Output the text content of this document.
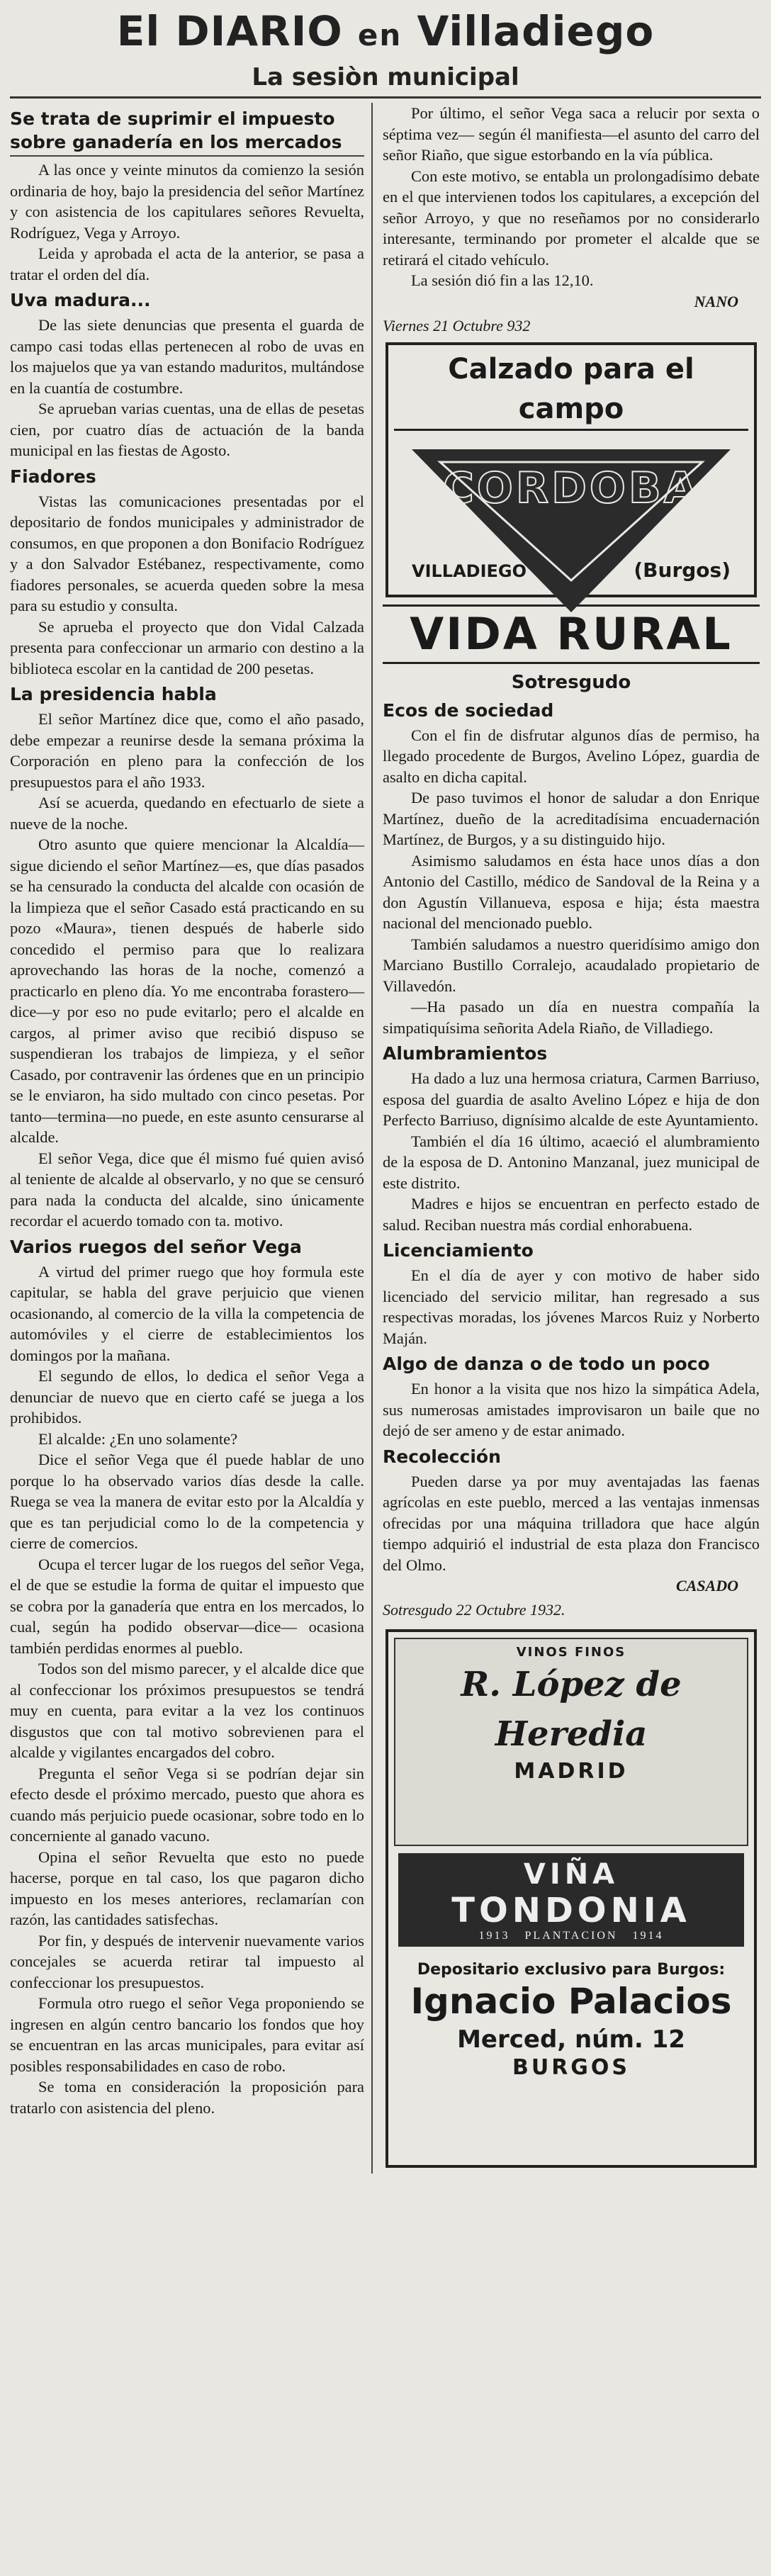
El DIARIO en Villadiego
La sesiòn municipal
Se trata de suprimir el impuesto sobre ganadería en los mercados

A las once y veinte minutos da comienzo la sesión ordinaria de hoy, bajo la presidencia del señor Martínez y con asistencia de los capitulares señores Revuelta, Rodríguez, Vega y Arroyo.

Leida y aprobada el acta de la anterior, se pasa a tratar el orden del día.

Uva madura...

De las siete denuncias que presenta el guarda de campo casi todas ellas pertenecen al robo de uvas en los majuelos que ya van estando maduritos, multándose en la cuantía de costumbre.

Se aprueban varias cuentas, una de ellas de pesetas cien, por cuatro días de actuación de la banda municipal en las fiestas de Agosto.

Fiadores

Vistas las comunicaciones presentadas por el depositario de fondos municipales y administrador de consumos, en que proponen a don Bonifacio Rodríguez y a don Salvador Estébanez, respectivamente, como fiadores personales, se acuerda queden sobre la mesa para su estudio y consulta.

Se aprueba el proyecto que don Vidal Calzada presenta para confeccionar un armario con destino a la biblioteca escolar en la cantidad de 200 pesetas.

La presidencia habla

El señor Martínez dice que, como el año pasado, debe empezar a reunirse desde la semana próxima la Corporación en pleno para la confección de los presupuestos para el año 1933.

Así se acuerda, quedando en efectuarlo de siete a nueve de la noche.

Otro asunto que quiere mencionar la Alcaldía—sigue diciendo el señor Martínez—es, que días pasados se ha censurado la conducta del alcalde con ocasión de la limpieza que el señor Casado está practicando en su pozo «Maura», tienen después de haberle sido concedido el permiso para que lo realizara aprovechando las horas de la noche, comenzó a practicarlo en pleno día. Yo me encontraba forastero—dice—y por eso no pude evitarlo; pero el alcalde en cargos, al primer aviso que recibió dispuso se suspendieran los trabajos de limpieza, y el señor Casado, por contravenir las órdenes que en un principio se le enviaron, ha sido multado con cinco pesetas. Por tanto—termina—no puede, en este asunto censurarse al alcalde.

El señor Vega, dice que él mismo fué quien avisó al teniente de alcalde al observarlo, y no que se censuró para nada la conducta del alcalde, sino únicamente recordar el acuerdo tomado con ta. motivo.

Varios ruegos del señor Vega

A virtud del primer ruego que hoy formula este capitular, se habla del grave perjuicio que vienen ocasionando, al comercio de la villa la competencia de automóviles y el cierre de establecimientos los domingos por la mañana.

El segundo de ellos, lo dedica el señor Vega a denunciar de nuevo que en cierto café se juega a los prohibidos.

El alcalde: ¿En uno solamente?

Dice el señor Vega que él puede hablar de uno porque lo ha observado varios días desde la calle. Ruega se vea la manera de evitar esto por la Alcaldía y que es tan perjudicial como lo de la competencia y cierre de comercios.

Ocupa el tercer lugar de los ruegos del señor Vega, el de que se estudie la forma de quitar el impuesto que se cobra por la ganadería que entra en los mercados, lo cual, según ha podido observar—dice— ocasiona también perdidas enormes al pueblo.

Todos son del mismo parecer, y el alcalde dice que al confeccionar los próximos presupuestos se tendrá muy en cuenta, para evitar a la vez los continuos disgustos que con tal motivo sobrevienen para el alcalde y vigilantes encargados del cobro.

Pregunta el señor Vega si se podrían dejar sin efecto desde el próximo mercado, puesto que ahora es cuando más perjuicio puede ocasionar, sobre todo en lo concerniente al ganado vacuno.

Opina el señor Revuelta que esto no puede hacerse, porque en tal caso, los que pagaron dicho impuesto en los meses anteriores, reclamarían con razón, las cantidades satisfechas.

Por fin, y después de intervenir nuevamente varios concejales se acuerda retirar tal impuesto al confeccionar los presupuestos.

Formula otro ruego el señor Vega proponiendo se ingresen en algún centro bancario los fondos que hoy se encuentran en las arcas municipales, para evitar así posibles responsabilidades en caso de robo.

Se toma en consideración la proposición para tratarlo con asistencia del pleno.

Por último, el señor Vega saca a relucir por sexta o séptima vez— según él manifiesta—el asunto del carro del señor Riaño, que sigue estorbando en la vía pública.

Con este motivo, se entabla un prolongadísimo debate en el que intervienen todos los capitulares, a excepción del señor Arroyo, y que no reseñamos por no considerarlo interesante, terminando por prometer el alcalde que se retirará el citado vehículo.

La sesión dió fin a las 12,10.

NANO
Viernes 21 Octubre 932
Calzado para el campo
CORDOBA
VILLADIEGO	(Burgos)
VIDA RURAL
Sotresgudo
Ecos de sociedad

Con el fin de disfrutar algunos días de permiso, ha llegado procedente de Burgos, Avelino López, guardia de asalto en dicha capital.

De paso tuvimos el honor de saludar a don Enrique Martínez, dueño de la acreditadísima encuadernación Martínez, de Burgos, y a su distinguido hijo.

Asimismo saludamos en ésta hace unos días a don Antonio del Castillo, médico de Sandoval de la Reina y a don Agustín Villanueva, esposa e hija; ésta maestra nacional del mencionado pueblo.

También saludamos a nuestro queridísimo amigo don Marciano Bustillo Corralejo, acaudalado propietario de Villavedón.

—Ha pasado un día en nuestra compañía la simpatiquísima señorita Adela Riaño, de Villadiego.

Alumbramientos

Ha dado a luz una hermosa criatura, Carmen Barriuso, esposa del guardia de asalto Avelino López e hija de don Perfecto Barriuso, dignísimo alcalde de este Ayuntamiento.

También el día 16 último, acaeció el alumbramiento de la esposa de D. Antonino Manzanal, juez municipal de este distrito.

Madres e hijos se encuentran en perfecto estado de salud. Reciban nuestra más cordial enhorabuena.

Licenciamiento

En el día de ayer y con motivo de haber sido licenciado del servicio militar, han regresado a sus respectivas moradas, los jóvenes Marcos Ruiz y Norberto Maján.

Algo de danza o de todo un poco

En honor a la visita que nos hizo la simpática Adela, sus numerosas amistades improvisaron un baile que no dejó de ser ameno y de estar animado.

Recolección

Pueden darse ya por muy aventajadas las faenas agrícolas en este pueblo, merced a las ventajas inmensas ofrecidas por una máquina trilladora que hace algún tiempo adquirió el industrial de esta plaza don Francisco del Olmo.

CASADO
Sotresgudo 22 Octubre 1932.
VINOS FINOS
R. López de Heredia
MADRID
VIÑA
TONDONIA
1913 PLANTACION 1914
Depositario exclusivo para Burgos:
Ignacio Palacios
Merced, núm. 12
BURGOS
